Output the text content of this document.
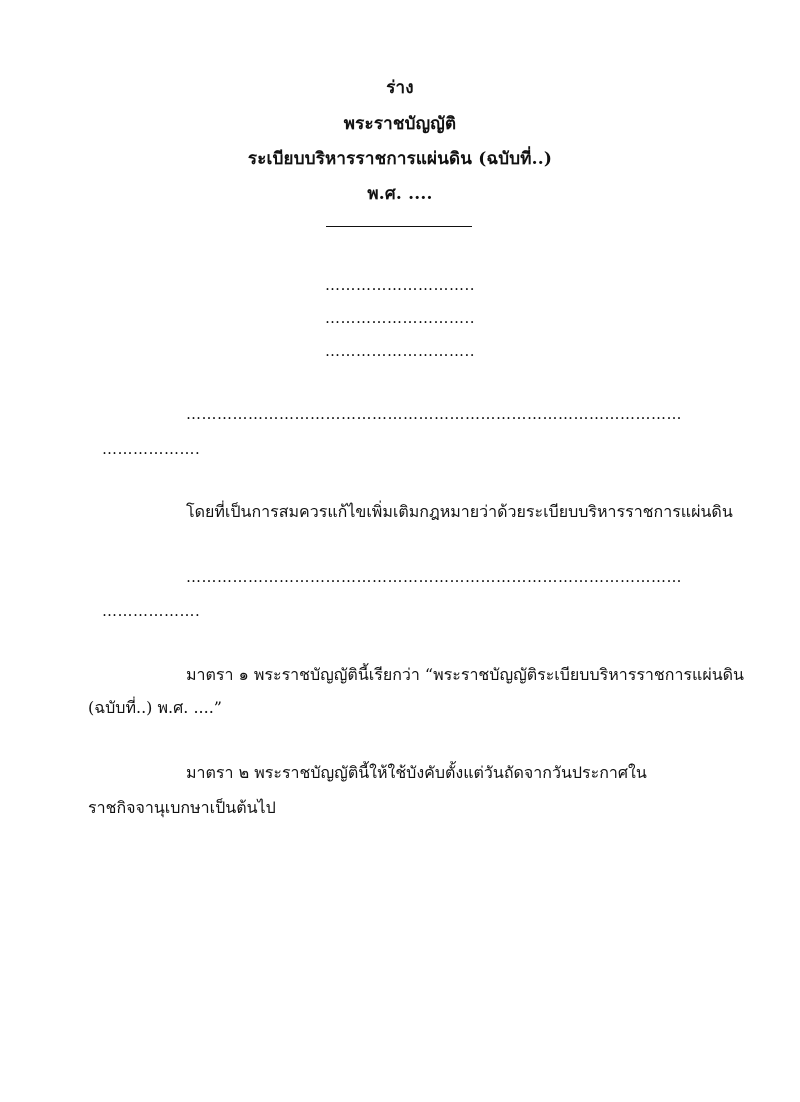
ร่าง
พระราชบัญญัติ
ระเบียบบริหารราชการแผ่นดิน (ฉบับที่..)
พ.ศ. ....
………………………..
………………………..
………………………..
……………………………………………………………………………………
……………….
โดยที่เป็นการสมควรแก้ไขเพิ่มเติมกฎหมายว่าด้วยระเบียบบริหารราชการแผ่นดิน
……………………………………………………………………………………
……………….
มาตรา ๑ พระราชบัญญัตินี้เรียกว่า “พระราชบัญญัติระเบียบบริหารราชการแผ่นดิน
(ฉบับที่..) พ.ศ. ....”
มาตรา ๒ พระราชบัญญัตินี้ให้ใช้บังคับตั้งแต่วันถัดจากวันประกาศใน
ราชกิจจานุเบกษาเป็นต้นไป
